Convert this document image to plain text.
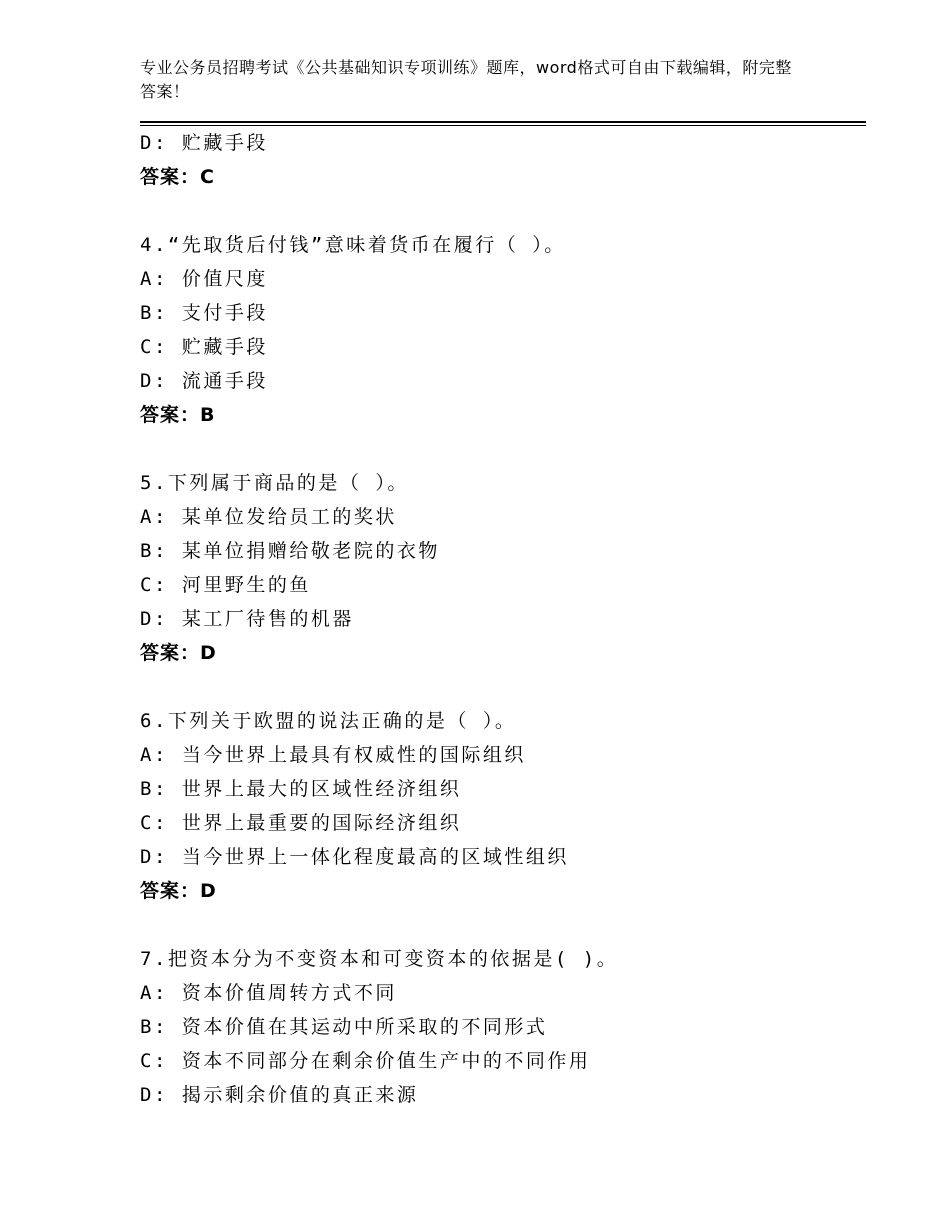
专业公务员招聘考试《公共基础知识专项训练》题库，word格式可自由下载编辑，附完整答案！
D: 贮藏手段
答案：C
4.“先取货后付钱”意味着货币在履行（ ）。
A: 价值尺度
B: 支付手段
C: 贮藏手段
D: 流通手段
答案：B
5.下列属于商品的是（ ）。
A: 某单位发给员工的奖状
B: 某单位捐赠给敬老院的衣物
C: 河里野生的鱼
D: 某工厂待售的机器
答案：D
6.下列关于欧盟的说法正确的是（ ）。
A: 当今世界上最具有权威性的国际组织
B: 世界上最大的区域性经济组织
C: 世界上最重要的国际经济组织
D: 当今世界上一体化程度最高的区域性组织
答案：D
7.把资本分为不变资本和可变资本的依据是( )。
A: 资本价值周转方式不同
B: 资本价值在其运动中所采取的不同形式
C: 资本不同部分在剩余价值生产中的不同作用
D: 揭示剩余价值的真正来源
